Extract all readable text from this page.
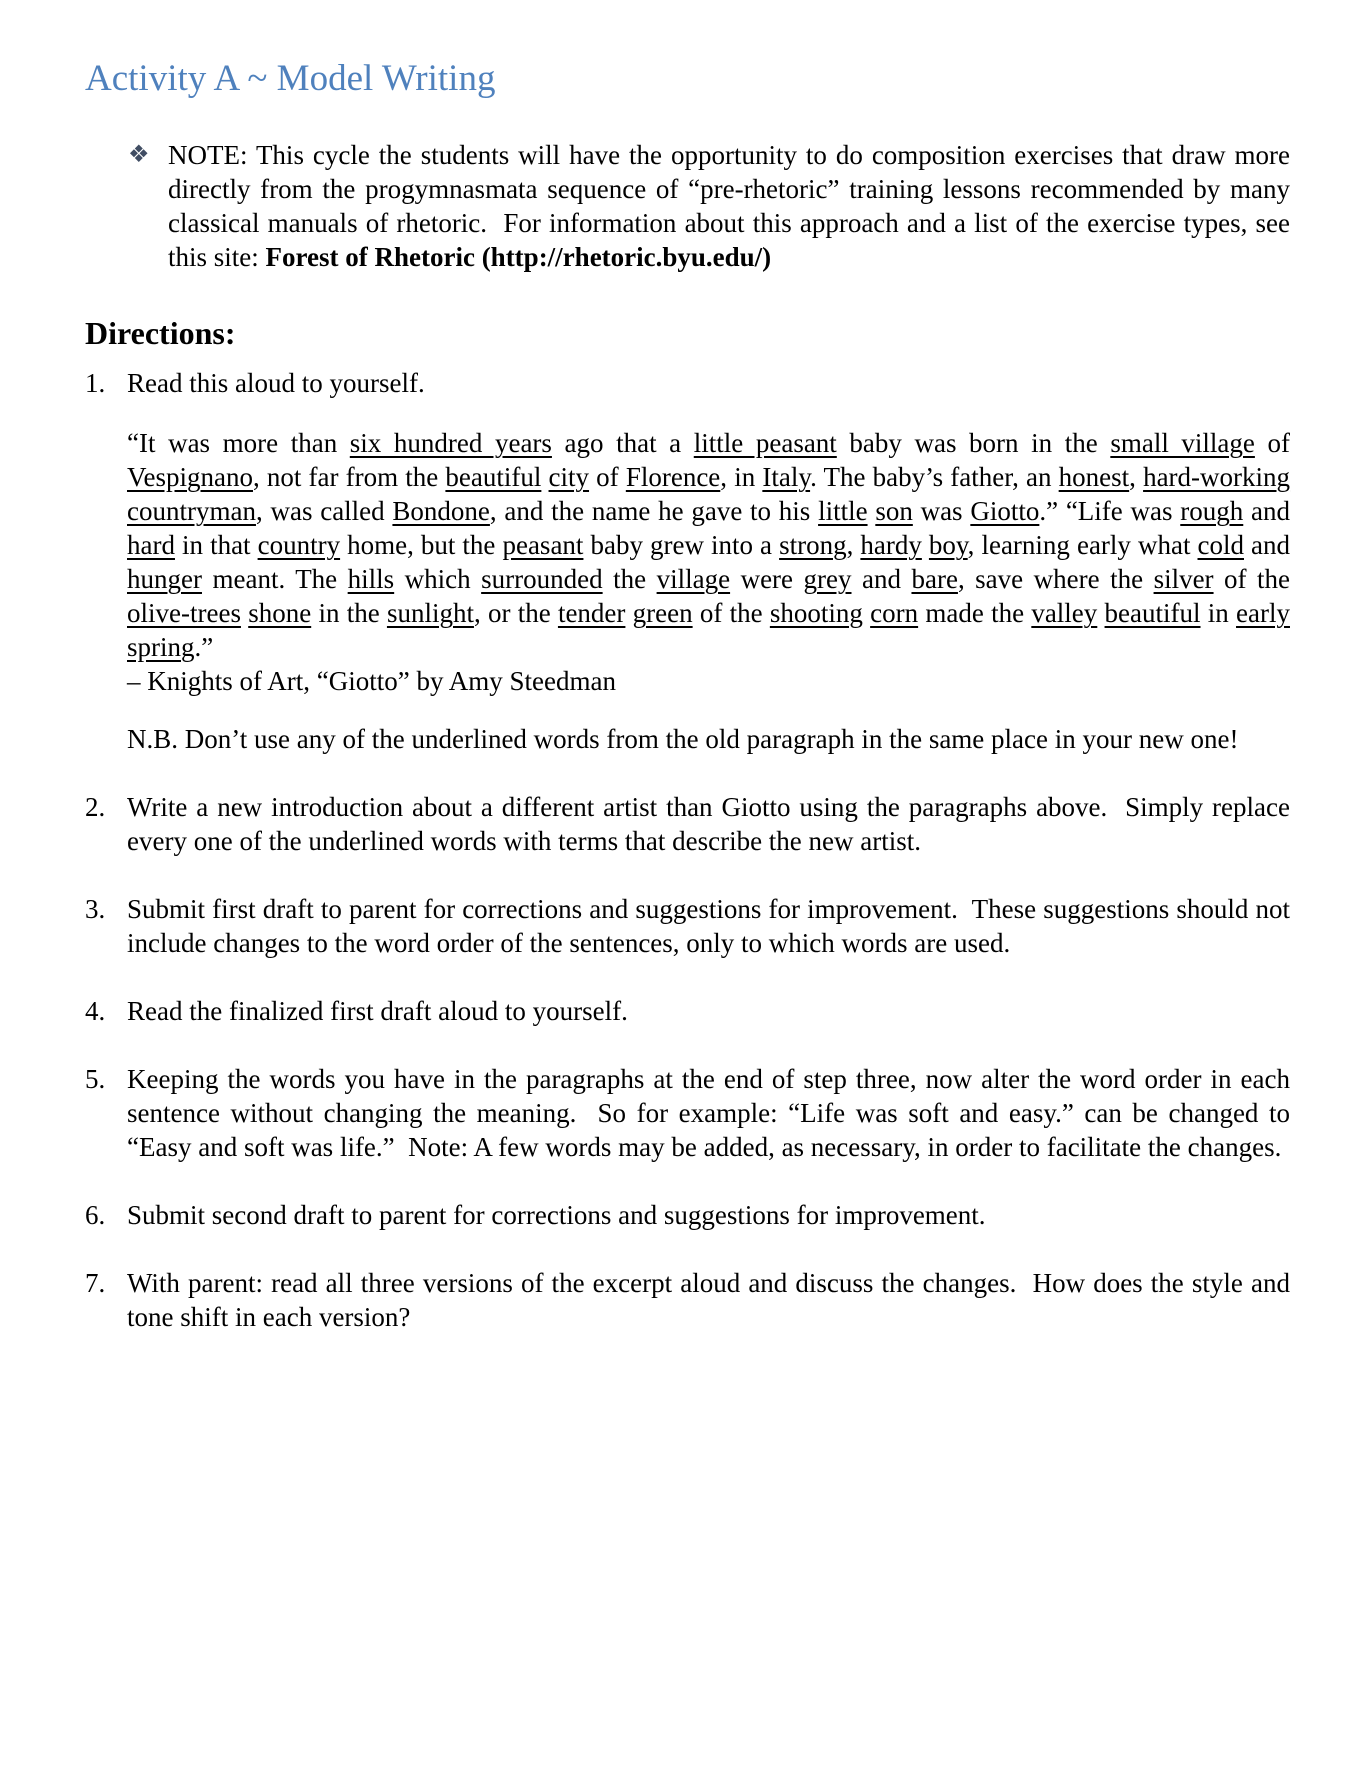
Activity A ~ Model Writing
❖ NOTE: This cycle the students will have the opportunity to do composition exercises that draw more directly from the progymnasmata sequence of “pre-rhetoric” training lessons recommended by many classical manuals of rhetoric.  For information about this approach and a list of the exercise types, see this site: Forest of Rhetoric (http://rhetoric.byu.edu/)

Directions:
1. Read this aloud to yourself.

“It was more than six hundred years ago that a little peasant baby was born in the small village of Vespignano, not far from the beautiful city of Florence, in Italy. The baby’s father, an honest, hard-working countryman, was called Bondone, and the name he gave to his little son was Giotto.” “Life was rough and hard in that country home, but the peasant baby grew into a strong, hardy boy, learning early what cold and hunger meant. The hills which surrounded the village were grey and bare, save where the silver of the olive-trees shone in the sunlight, or the tender green of the shooting corn made the valley beautiful in early spring.”

– Knights of Art, “Giotto” by Amy Steedman

N.B. Don’t use any of the underlined words from the old paragraph in the same place in your new one!

2. Write a new introduction about a different artist than Giotto using the paragraphs above.  Simply replace every one of the underlined words with terms that describe the new artist.

3. Submit first draft to parent for corrections and suggestions for improvement.  These suggestions should not include changes to the word order of the sentences, only to which words are used.

4. Read the finalized first draft aloud to yourself.

5. Keeping the words you have in the paragraphs at the end of step three, now alter the word order in each sentence without changing the meaning.  So for example: “Life was soft and easy.” can be changed to “Easy and soft was life.”  Note: A few words may be added, as necessary, in order to facilitate the changes.

6. Submit second draft to parent for corrections and suggestions for improvement.

7. With parent: read all three versions of the excerpt aloud and discuss the changes.  How does the style and tone shift in each version?
